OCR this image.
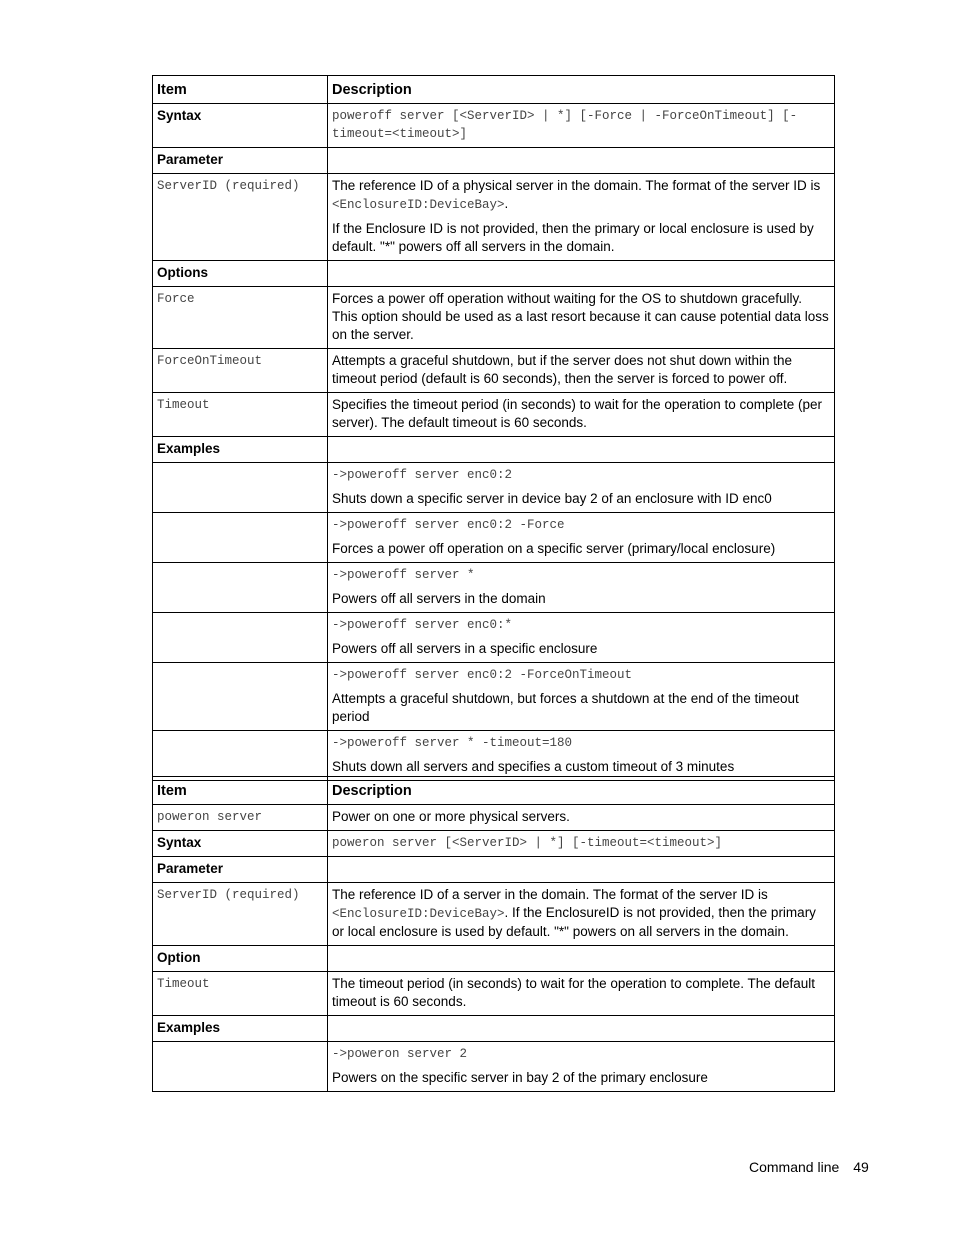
Item	Description
Syntax	poweroff server [<ServerID> | *] [-Force | -ForceOnTimeout] [-timeout=<timeout>]
Parameter	
ServerID (required)	The reference ID of a physical server in the domain. The format of the server ID is <EnclosureID:DeviceBay>.
If the Enclosure ID is not provided, then the primary or local enclosure is used by default. "*" powers off all servers in the domain.

Options	
Force	Forces a power off operation without waiting for the OS to shutdown gracefully. This option should be used as a last resort because it can cause potential data loss on the server.
ForceOnTimeout	Attempts a graceful shutdown, but if the server does not shut down within the timeout period (default is 60 seconds), then the server is forced to power off.
Timeout	Specifies the timeout period (in seconds) to wait for the operation to complete (per server). The default timeout is 60 seconds.
Examples	

	->poweroff server enc0:2
Shuts down a specific server in device bay 2 of an enclosure with ID enc0

	->poweroff server enc0:2 -Force
Forces a power off operation on a specific server (primary/local enclosure)

	->poweroff server *
Powers off all servers in the domain

	->poweroff server enc0:*
Powers off all servers in a specific enclosure

	->poweroff server enc0:2 -ForceOnTimeout
Attempts a graceful shutdown, but forces a shutdown at the end of the timeout period

	->poweroff server * -timeout=180
Shuts down all servers and specifies a custom timeout of 3 minutes
Item	Description
poweron server	Power on one or more physical servers.
Syntax	poweron server [<ServerID> | *] [-timeout=<timeout>]
Parameter	
ServerID (required)	The reference ID of a server in the domain. The format of the server ID is <EnclosureID:DeviceBay>. If the EnclosureID is not provided, then the primary or local enclosure is used by default. "*" powers on all servers in the domain.
Option	
Timeout	The timeout period (in seconds) to wait for the operation to complete. The default timeout is 60 seconds.
Examples	

	->poweron server 2
Powers on the specific server in bay 2 of the primary enclosure
Command line 49
